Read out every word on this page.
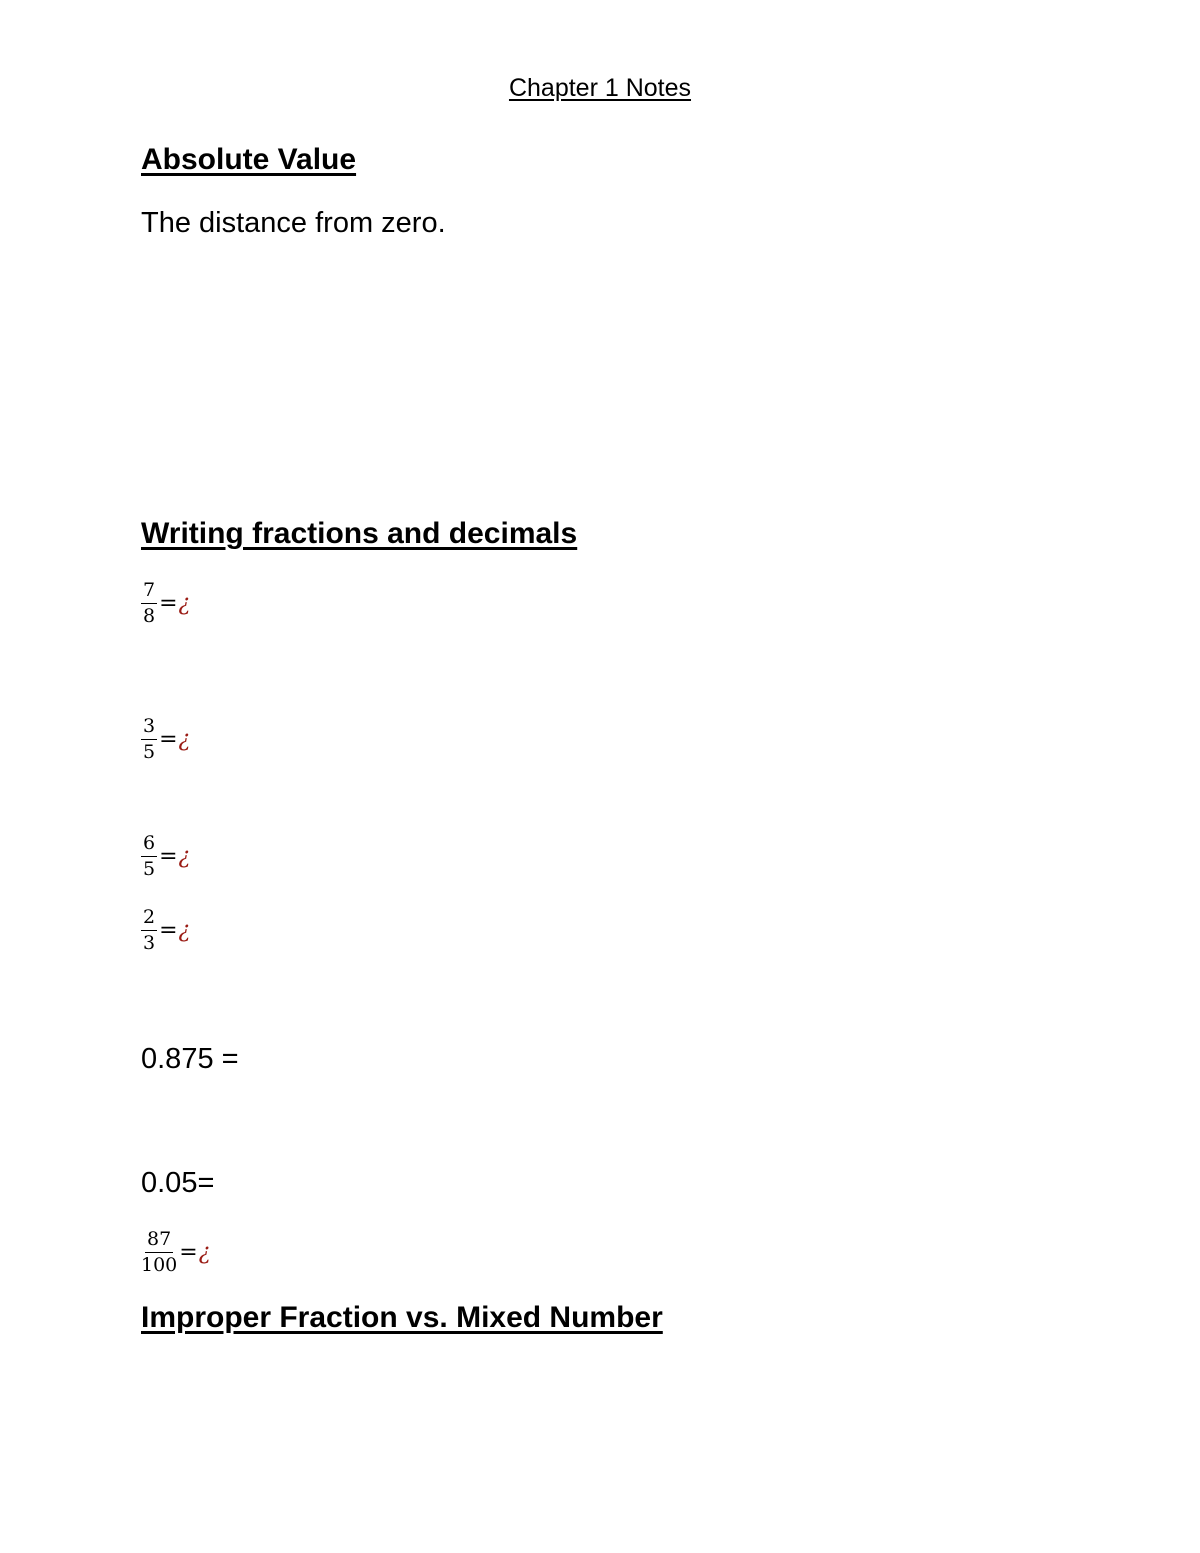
Chapter 1 Notes
Absolute Value
The distance from zero.
Writing fractions and decimals
$\frac{7}{8}$ = ¿
$\frac{3}{5}$ = ¿
$\frac{6}{5}$ = ¿
$\frac{2}{3}$ = ¿
0.875 =
0.05=
$\frac{87}{100}$ = ¿
Improper Fraction vs. Mixed Number
